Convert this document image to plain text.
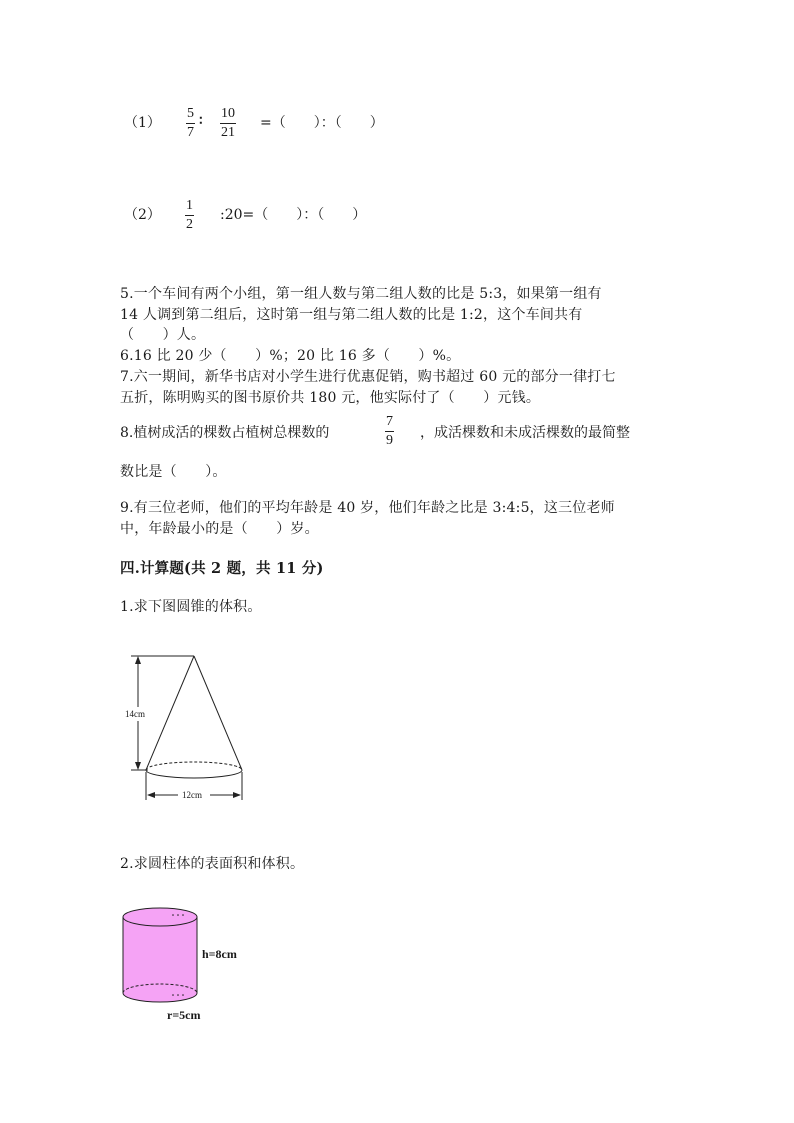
$(1) \frac{5}{7}$ ∶ $\frac{10}{21}$ =（　　）：（　　）
$(2) \frac{1}{2}$ :20=（　　）：（　　）
5.一个车间有两个小组，第一组人数与第二组人数的比是 5:3，如果第一组有
14 人调到第二组后，这时第一组与第二组人数的比是 1:2，这个车间共有
（　　）人。
6.16 比 20 少（　　）%；20 比 16 多（　　）%。
7.六一期间，新华书店对小学生进行优惠促销，购书超过 60 元的部分一律打七
五折，陈明购买的图书原价共 180 元，他实际付了（　　）元钱。
8.植树成活的棵数占植树总棵数的	$\frac{7}{9}$ ，成活棵数和未成活棵数的最简整
数比是（　　）。
9.有三位老师，他们的平均年龄是 40 岁，他们年龄之比是 3:4:5，这三位老师
中，年龄最小的是（　　）岁。
四.计算题(共 2 题，共 11 分)
1.求下图圆锥的体积。
14cm
12cm
2.求圆柱体的表面积和体积。
h=8cm
r=5cm
